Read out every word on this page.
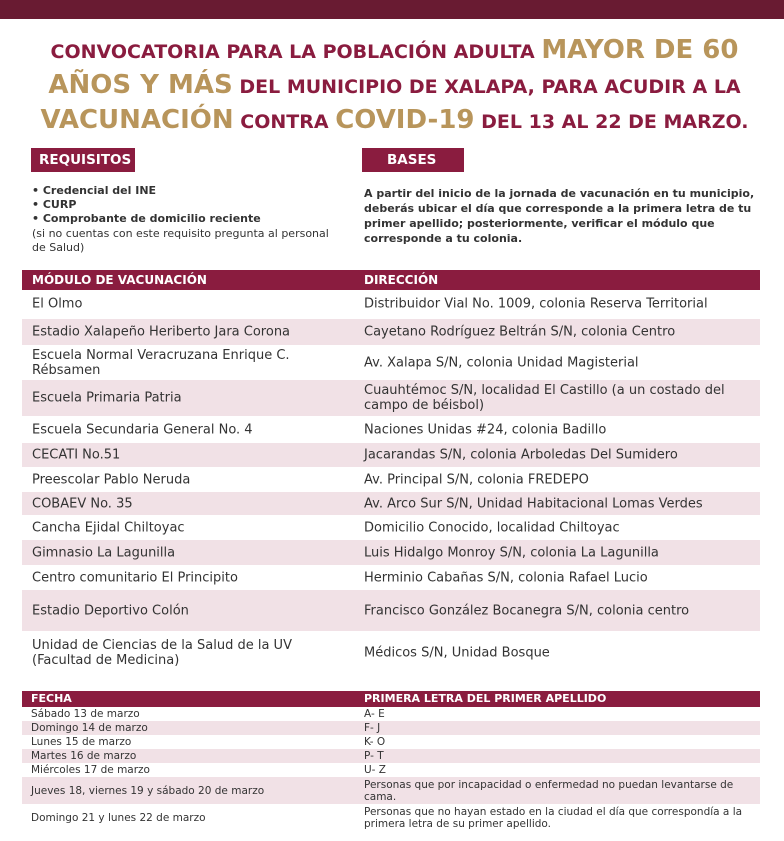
CONVOCATORIA PARA LA POBLACIÓN ADULTA MAYOR DE 60
AÑOS Y MÁS DEL MUNICIPIO DE XALAPA, PARA ACUDIR A LA
VACUNACIÓN CONTRA COVID-19 DEL 13 AL 22 DE MARZO.
REQUISITOS	BASES
• Credencial del INE
• CURP
• Comprobante de domicilio reciente
(si no cuentas con este requisito pregunta al personal de Salud)
A partir del inicio de la jornada de vacunación en tu municipio, deberás ubicar el día que corresponde a la primera letra de tu primer apellido; posteriormente, verificar el módulo que corresponde a tu colonia.
MÓDULO DE VACUNACIÓN	DIRECCIÓN
El Olmo	Distribuidor Vial No. 1009, colonia Reserva Territorial
Estadio Xalapeño Heriberto Jara Corona	Cayetano Rodríguez Beltrán S/N, colonia Centro
Escuela Normal Veracruzana Enrique C. Rébsamen	Av. Xalapa S/N, colonia Unidad Magisterial
Escuela Primaria Patria	Cuauhtémoc S/N, localidad El Castillo (a un costado del campo de béisbol)
Escuela Secundaria General No. 4	Naciones Unidas #24, colonia Badillo
CECATI No.51	Jacarandas S/N, colonia Arboledas Del Sumidero
Preescolar Pablo Neruda	Av. Principal S/N, colonia FREDEPO
COBAEV No. 35	Av. Arco Sur S/N, Unidad Habitacional Lomas Verdes
Cancha Ejidal Chiltoyac	Domicilio Conocido, localidad Chiltoyac
Gimnasio La Lagunilla	Luis Hidalgo Monroy S/N, colonia La Lagunilla
Centro comunitario El Principito	Herminio Cabañas S/N, colonia Rafael Lucio
Estadio Deportivo Colón	Francisco González Bocanegra S/N, colonia centro
Unidad de Ciencias de la Salud de la UV (Facultad de Medicina)	Médicos S/N, Unidad Bosque
FECHA	PRIMERA LETRA DEL PRIMER APELLIDO
Sábado 13 de marzo	A- E
Domingo 14 de marzo	F- J
Lunes 15 de marzo	K- O
Martes 16 de marzo	P- T
Miércoles 17 de marzo	U- Z
Jueves 18, viernes 19 y sábado 20 de marzo	Personas que por incapacidad o enfermedad no puedan levantarse de cama.
Domingo 21 y lunes 22 de marzo	Personas que no hayan estado en la ciudad el día que correspondía a la primera letra de su primer apellido.
